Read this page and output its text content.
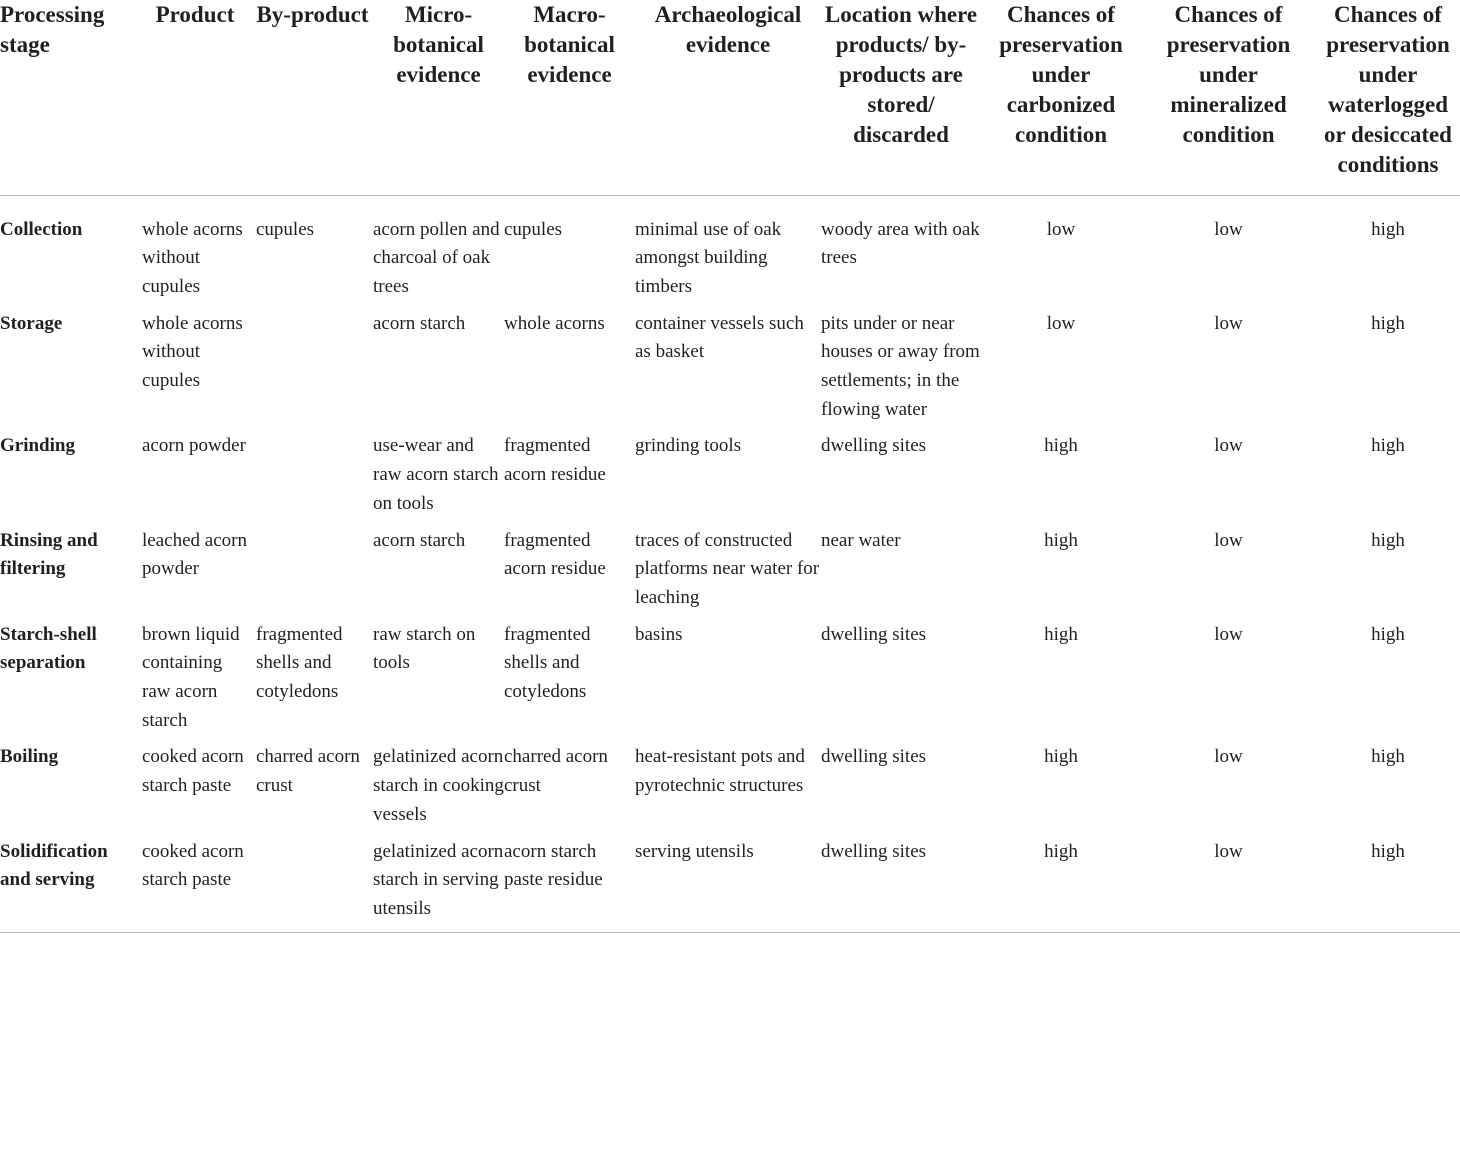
Processing stage	Product	By-product	Micro-botanical evidence	Macro-botanical evidence	Archaeological evidence	Location where products/ by-products are stored/ discarded	Chances of preservation under carbonized condition	Chances of preservation under mineralized condition	Chances of preservation under waterlogged or desiccated conditions
Collection	whole acorns without cupules	cupules	acorn pollen and charcoal of oak trees	cupules	minimal use of oak amongst building timbers	woody area with oak trees	low	low	high
Storage	whole acorns without cupules		acorn starch	whole acorns	container vessels such as basket	pits under or near houses or away from settlements; in the flowing water	low	low	high
Grinding	acorn powder		use-wear and raw acorn starch on tools	fragmented acorn residue	grinding tools	dwelling sites	high	low	high
Rinsing and filtering	leached acorn powder		acorn starch	fragmented acorn residue	traces of constructed platforms near water for leaching	near water	high	low	high
Starch-shell separation	brown liquid containing raw acorn starch	fragmented shells and cotyledons	raw starch on tools	fragmented shells and cotyledons	basins	dwelling sites	high	low	high
Boiling	cooked acorn starch paste	charred acorn crust	gelatinized acorn starch in cooking vessels	charred acorn crust	heat-resistant pots and pyrotechnic structures	dwelling sites	high	low	high
Solidification and serving	cooked acorn starch paste		gelatinized acorn starch in serving utensils	acorn starch paste residue	serving utensils	dwelling sites	high	low	high
